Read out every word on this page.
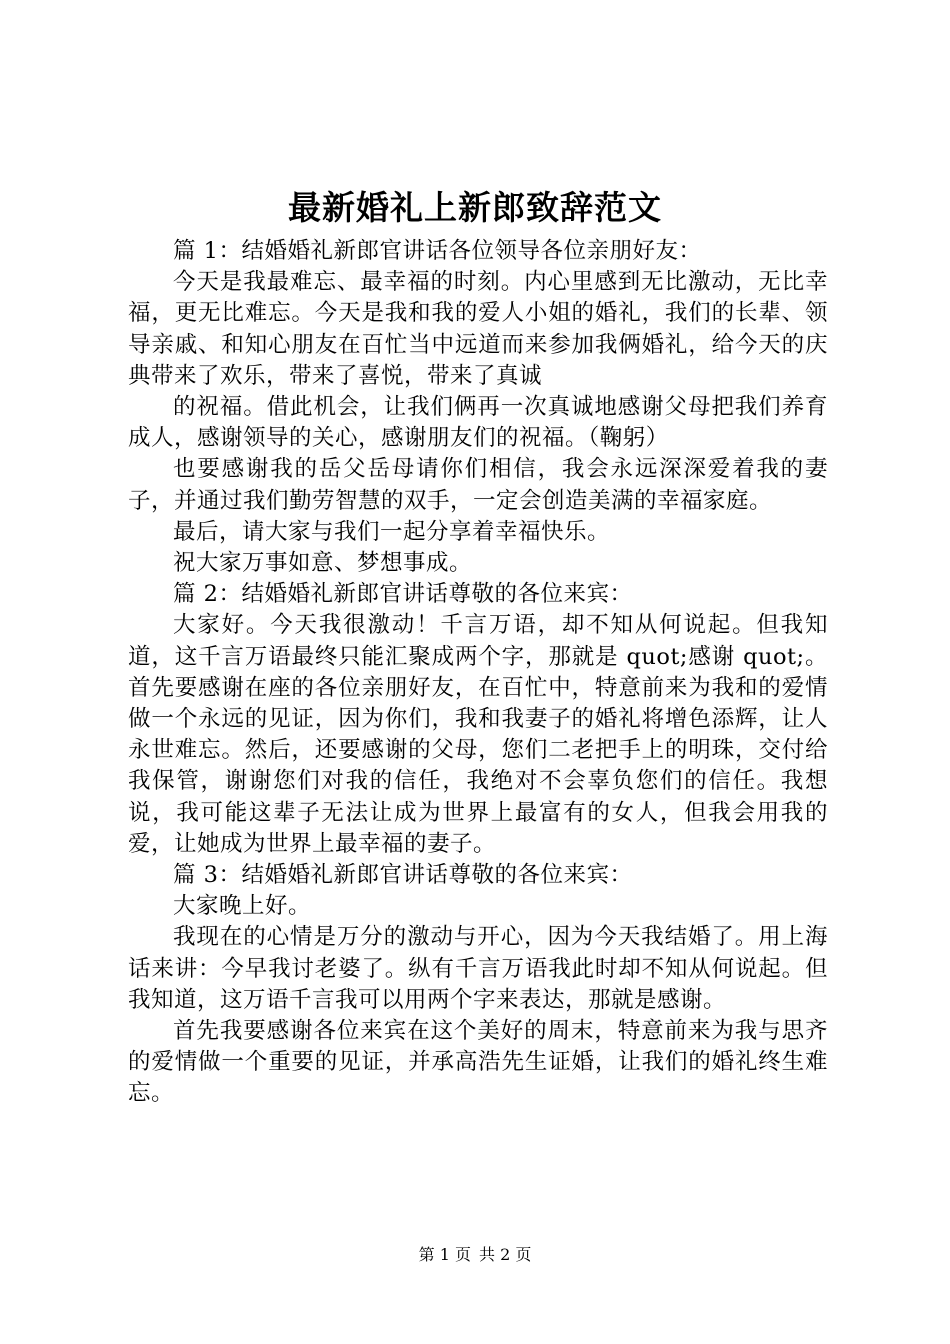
最新婚礼上新郎致辞范文

篇 1：结婚婚礼新郎官讲话各位领导各位亲朋好友：

今天是我最难忘、最幸福的时刻。内心里感到无比激动，无比幸福，更无比难忘。今天是我和我的爱人小姐的婚礼，我们的长辈、领导亲戚、和知心朋友在百忙当中远道而来参加我俩婚礼，给今天的庆典带来了欢乐，带来了喜悦，带来了真诚

的祝福。借此机会，让我们俩再一次真诚地感谢父母把我们养育成人，感谢领导的关心，感谢朋友们的祝福。（鞠躬）

也要感谢我的岳父岳母请你们相信，我会永远深深爱着我的妻子，并通过我们勤劳智慧的双手，一定会创造美满的幸福家庭。

最后，请大家与我们一起分享着幸福快乐。

祝大家万事如意、梦想事成。

篇 2：结婚婚礼新郎官讲话尊敬的各位来宾：

大家好。今天我很激动！千言万语，却不知从何说起。但我知道，这千言万语最终只能汇聚成两个字，那就是 quot;感谢 quot;。首先要感谢在座的各位亲朋好友，在百忙中，特意前来为我和的爱情做一个永远的见证，因为你们，我和我妻子的婚礼将增色添辉，让人永世难忘。然后，还要感谢的父母，您们二老把手上的明珠，交付给我保管，谢谢您们对我的信任，我绝对不会辜负您们的信任。我想说，我可能这辈子无法让成为世界上最富有的女人，但我会用我的爱，让她成为世界上最幸福的妻子。

篇 3：结婚婚礼新郎官讲话尊敬的各位来宾：

大家晚上好。

我现在的心情是万分的激动与开心，因为今天我结婚了。用上海话来讲：今早我讨老婆了。纵有千言万语我此时却不知从何说起。但我知道，这万语千言我可以用两个字来表达，那就是感谢。

首先我要感谢各位来宾在这个美好的周末，特意前来为我与思齐的爱情做一个重要的见证，并承高浩先生证婚，让我们的婚礼终生难忘。

第 1 页 共 2 页
